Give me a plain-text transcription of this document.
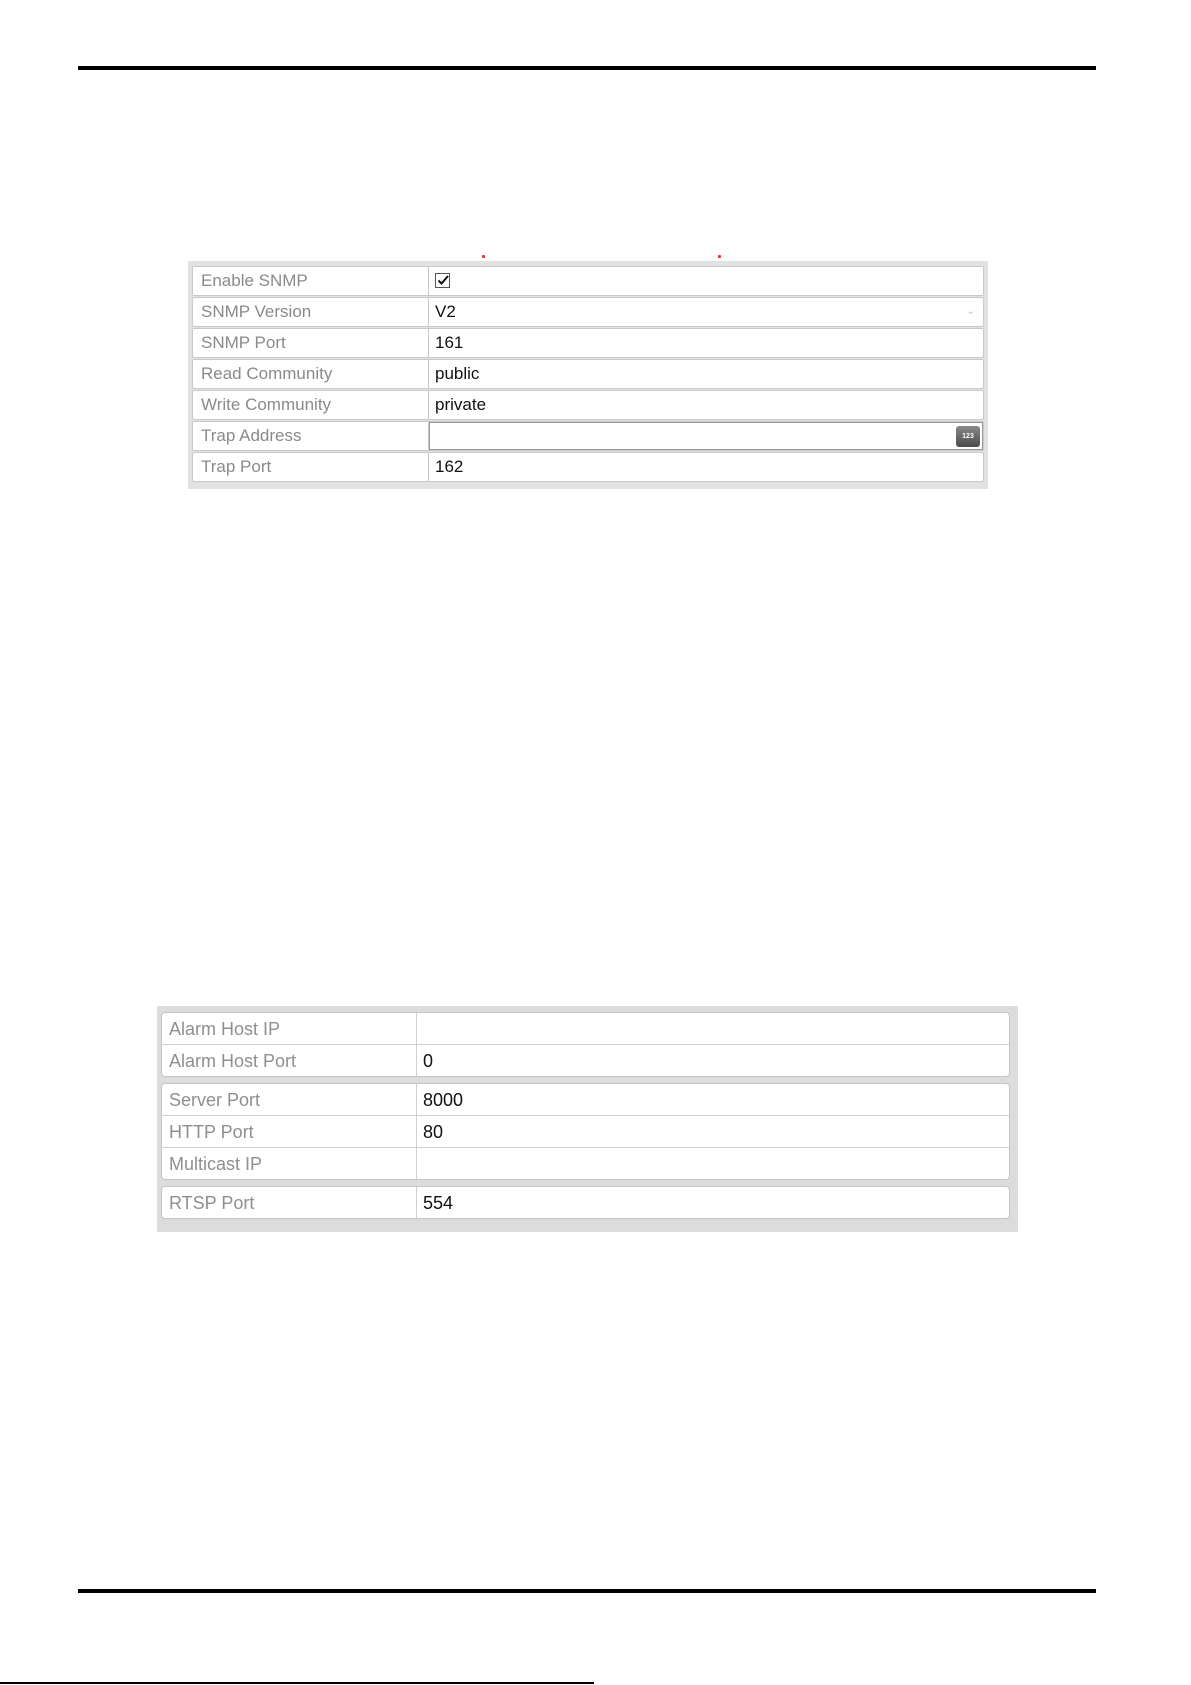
Enable SNMP
SNMP Version	V2	⌄
SNMP Port	161
Read Community	public
Write Community	private
Trap Address	123
Trap Port	162
Alarm Host IP
Alarm Host Port	0
Server Port	8000
HTTP Port	80
Multicast IP
RTSP Port	554
